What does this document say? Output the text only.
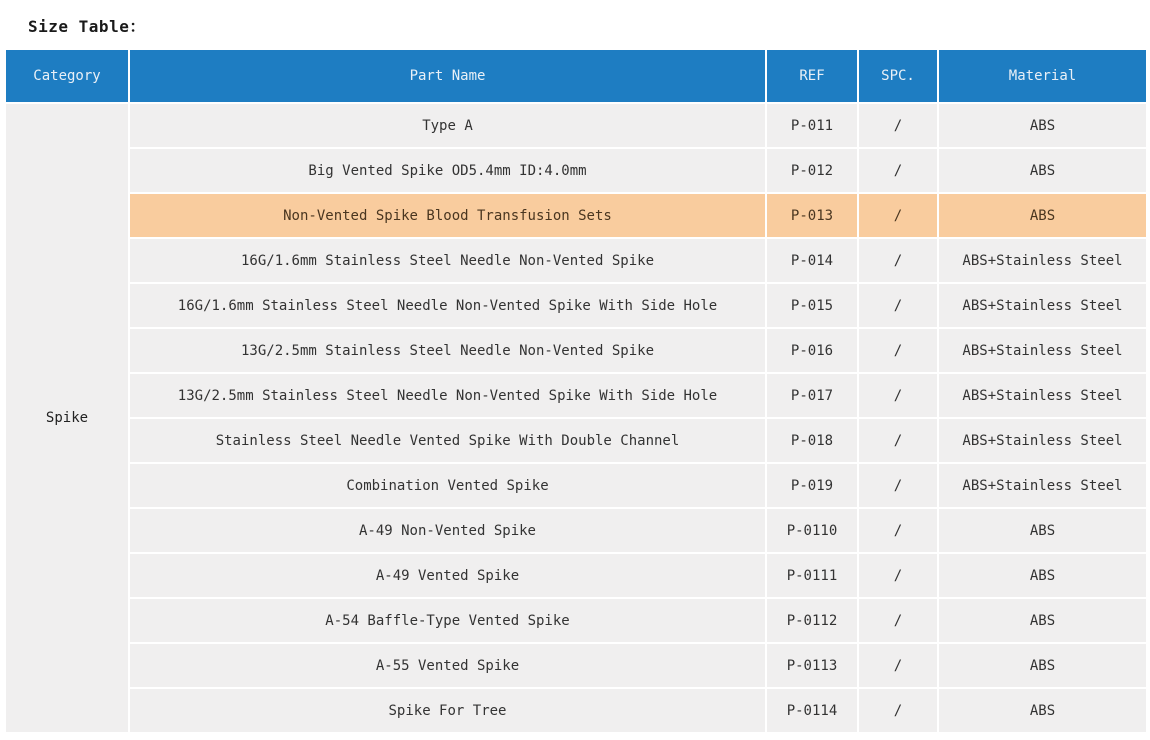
Size Table：
Category	Part Name	REF	SPC.	Material
Spike	Type A	P-011	/	ABS
	Big Vented Spike OD5.4mm ID:4.0mm	P-012	/	ABS
	Non-Vented Spike Blood Transfusion Sets	P-013	/	ABS
	16G/1.6mm Stainless Steel Needle Non-Vented Spike	P-014	/	ABS+Stainless Steel
	16G/1.6mm Stainless Steel Needle Non-Vented Spike With Side Hole	P-015	/	ABS+Stainless Steel
	13G/2.5mm Stainless Steel Needle Non-Vented Spike	P-016	/	ABS+Stainless Steel
	13G/2.5mm Stainless Steel Needle Non-Vented Spike With Side Hole	P-017	/	ABS+Stainless Steel
	Stainless Steel Needle Vented Spike With Double Channel	P-018	/	ABS+Stainless Steel
	Combination Vented Spike	P-019	/	ABS+Stainless Steel
	A-49 Non-Vented Spike	P-0110	/	ABS
	A-49 Vented Spike	P-0111	/	ABS
	A-54 Baffle-Type Vented Spike	P-0112	/	ABS
	A-55 Vented Spike	P-0113	/	ABS
	Spike For Tree	P-0114	/	ABS
